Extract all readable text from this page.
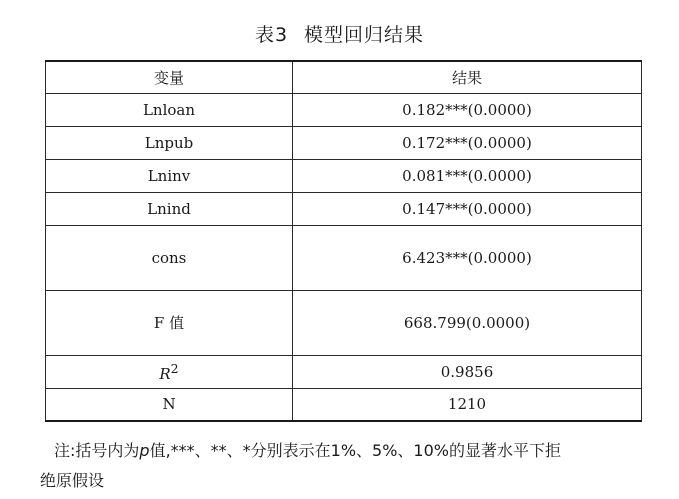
表3 模型回归结果
变量	结果
Lnloan	0.182***(0.0000)
Lnpub	0.172***(0.0000)
Lninv	0.081***(0.0000)
Lnind	0.147***(0.0000)
cons	6.423***(0.0000)
F 值	668.799(0.0000)
$R^2$	0.9856
N	1210
注:括号内为p值,***、**、*分别表示在1%、5%、10%的显著水平下拒
绝原假设
